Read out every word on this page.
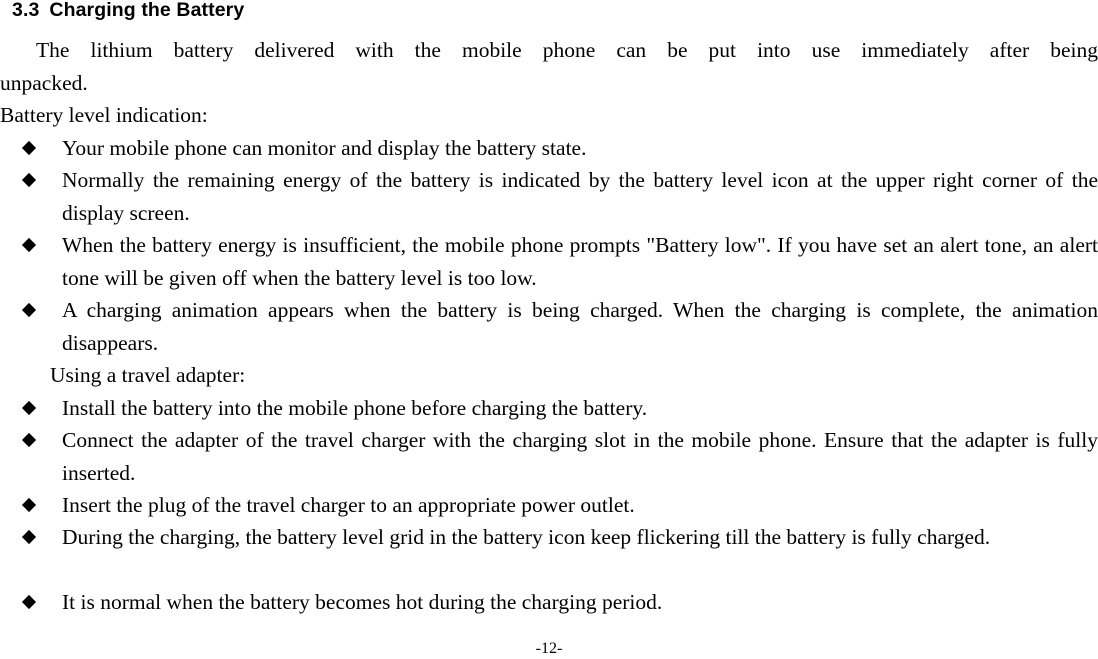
3.3 Charging the Battery
The lithium battery delivered with the mobile phone can be put into use immediately after being unpacked.
Battery level indication:
Your mobile phone can monitor and display the battery state.
Normally the remaining energy of the battery is indicated by the battery level icon at the upper right corner of the display screen.
When the battery energy is insufficient, the mobile phone prompts "Battery low". If you have set an alert tone, an alert tone will be given off when the battery level is too low.
A charging animation appears when the battery is being charged. When the charging is complete, the animation disappears.
Using a travel adapter:
Install the battery into the mobile phone before charging the battery.
Connect the adapter of the travel charger with the charging slot in the mobile phone. Ensure that the adapter is fully inserted.
Insert the plug of the travel charger to an appropriate power outlet.
During the charging, the battery level grid in the battery icon keep flickering till the battery is fully charged.
It is normal when the battery becomes hot during the charging period.
-12-
